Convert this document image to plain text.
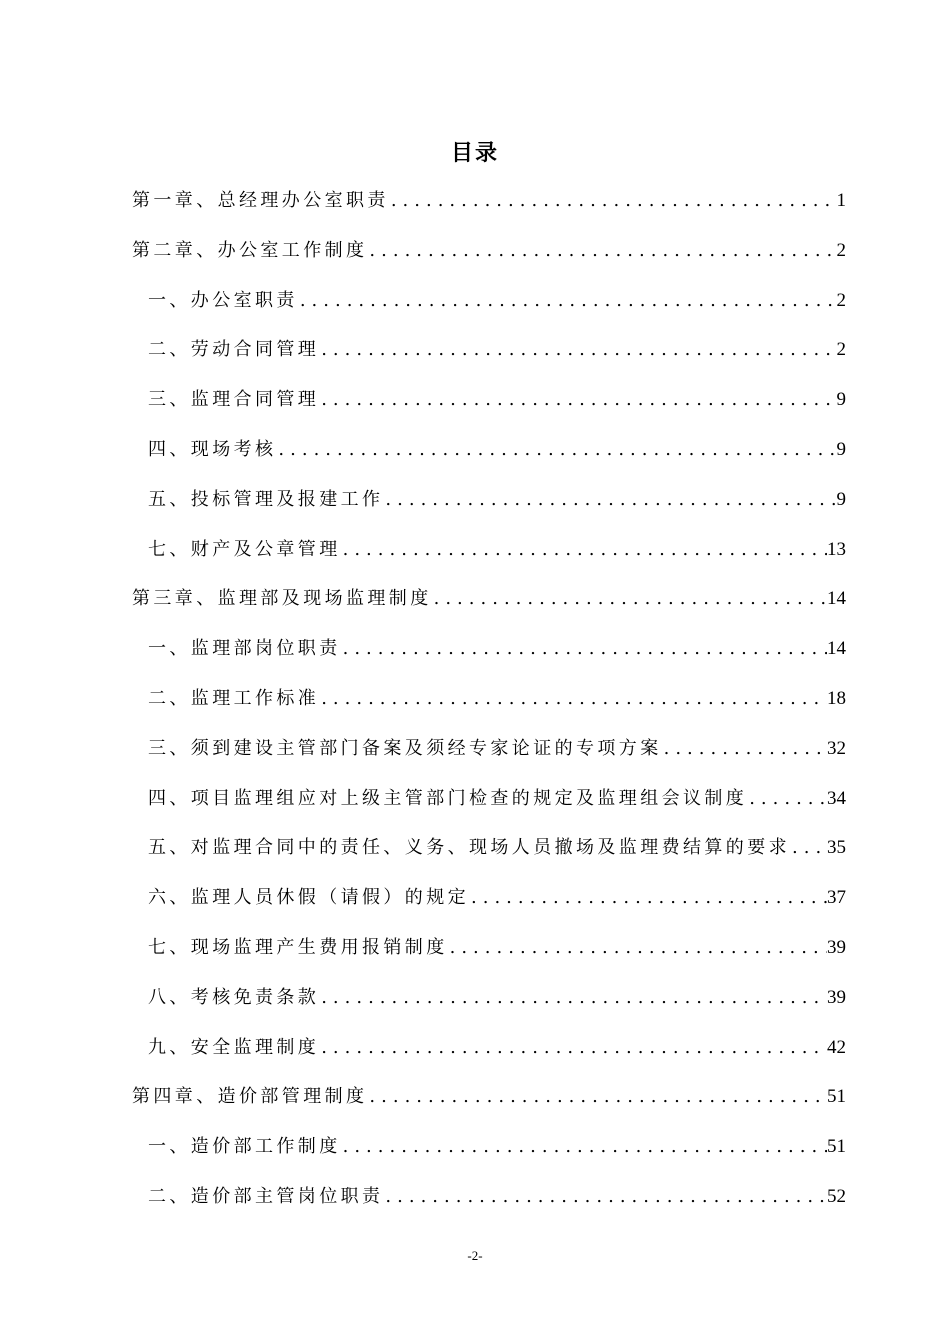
目录
第一章、总经理办公室职责 .....	1
第二章、办公室工作制度 .....	2
一、办公室职责 .....	2
二、劳动合同管理 .....	2
三、监理合同管理 .....	9
四、现场考核 .....	9
五、投标管理及报建工作 .....	9
七、财产及公章管理 .....	13
第三章、监理部及现场监理制度 .....	14
一、监理部岗位职责 .....	14
二、监理工作标准 .....	18
三、须到建设主管部门备案及须经专家论证的专项方案 .....	32
四、项目监理组应对上级主管部门检查的规定及监理组会议制度 .....	34
五、对监理合同中的责任、义务、现场人员撤场及监理费结算的要求 ..... 35
六、监理人员休假（请假）的规定 .....	37
七、现场监理产生费用报销制度 .....	39
八、考核免责条款 .....	39
九、安全监理制度 .....	42
第四章、造价部管理制度 .....	51
一、造价部工作制度 .....	51
二、造价部主管岗位职责 .....	52
-2-
